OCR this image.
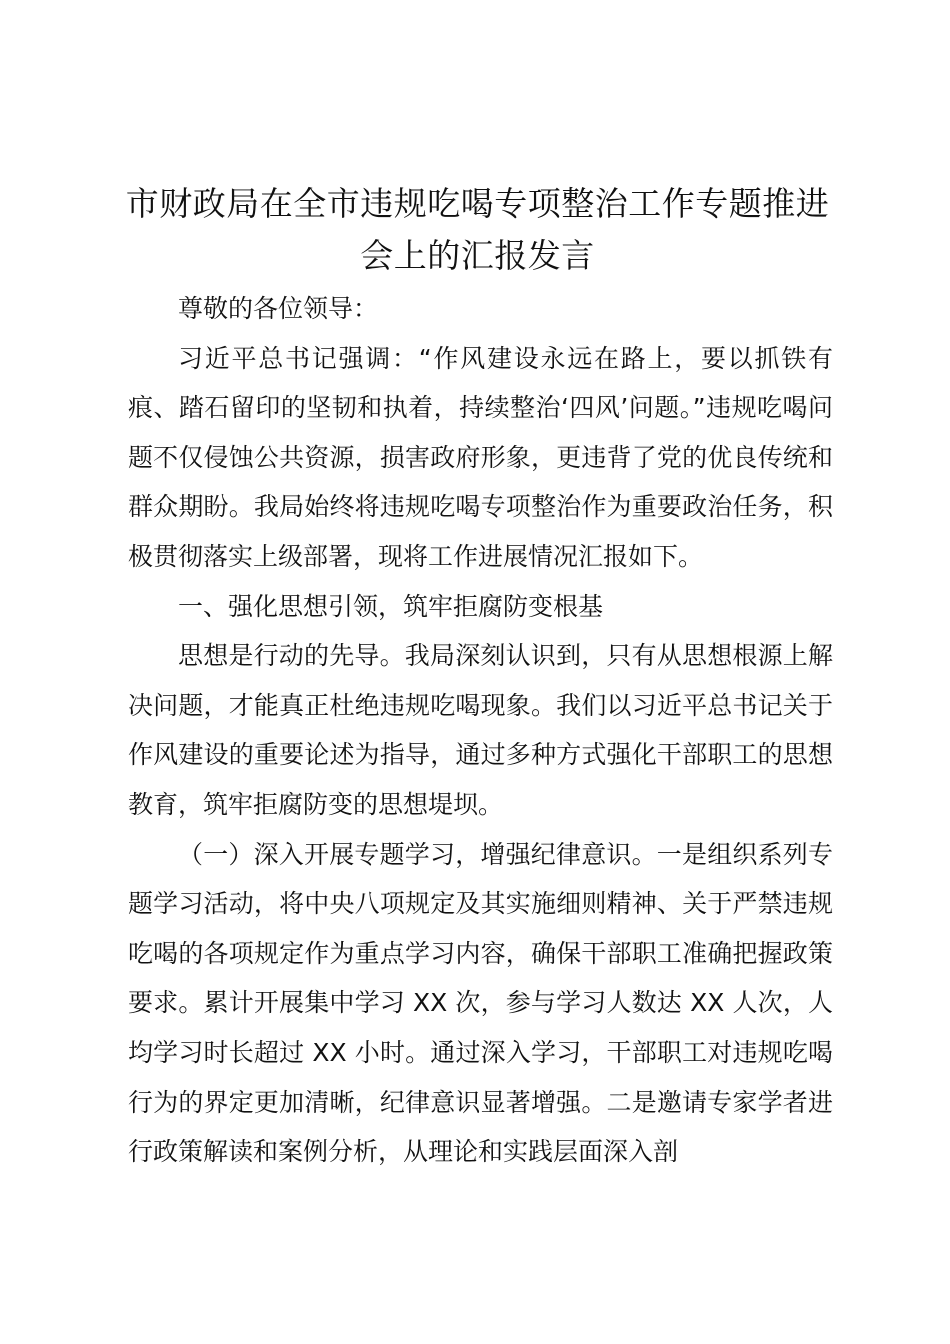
市财政局在全市违规吃喝专项整治工作专题推进会上的汇报发言

尊敬的各位领导：

习近平总书记强调：“作风建设永远在路上，要以抓铁有痕、踏石留印的坚韧和执着，持续整治‘四风’问题。”违规吃喝问题不仅侵蚀公共资源，损害政府形象，更违背了党的优良传统和群众期盼。我局始终将违规吃喝专项整治作为重要政治任务，积极贯彻落实上级部署，现将工作进展情况汇报如下。

一、强化思想引领，筑牢拒腐防变根基

思想是行动的先导。我局深刻认识到，只有从思想根源上解决问题，才能真正杜绝违规吃喝现象。我们以习近平总书记关于作风建设的重要论述为指导，通过多种方式强化干部职工的思想教育，筑牢拒腐防变的思想堤坝。

（一）深入开展专题学习，增强纪律意识。一是组织系列专题学习活动，将中央八项规定及其实施细则精神、关于严禁违规吃喝的各项规定作为重点学习内容，确保干部职工准确把握政策要求。累计开展集中学习 XX 次，参与学习人数达 XX 人次，人均学习时长超过 XX 小时。通过深入学习，干部职工对违规吃喝行为的界定更加清晰，纪律意识显著增强。二是邀请专家学者进行政策解读和案例分析，从理论和实践层面深入剖
